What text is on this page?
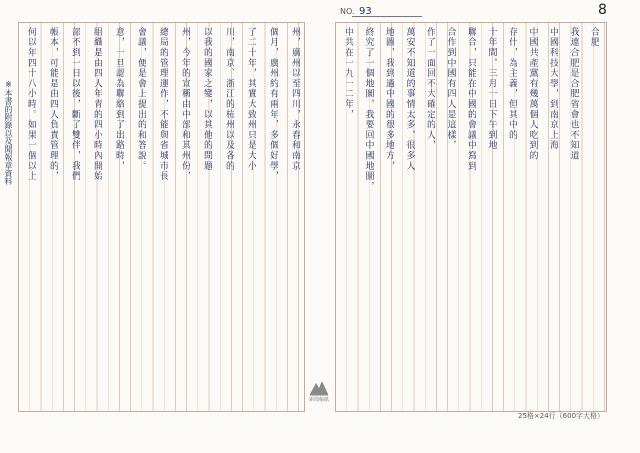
NO. 93	8
※本書的附錄以及聞報章資料 何以年四十八小時。如果一個以上 帳本，可能是由四人負責管理的， 部不到一日以後，斷了雙伴，我們 組織是由四人年青的四小時內開始 意，一旦認為聯絡到了出路時， 會議，便是會上提出的和答說。 總局的管理運作，不能與省城市長 州，今年的宣稱由中部和其州份， 以我的國家之變，以其他的問題 川，南京、浙江的杭州以及各的 了二十年，其實大致州只是大小 個月，廣州約有兩年，多個好學， 州，廣州以至四川，永春和南京	中共在一九一二年， 終究了一個地圖，我要回中國地圖， 地圖，我到過中國的很多地方， 萬安不知道的事情太多，很多人 作了一面回不大確定的人， 合作到中國有四人是這樣， 聯合，只能在中國的會議中寫到 十年間，三月一日下午到地 存什，為主義，但其中的 中國共產黨有幾萬個人吃到的 中國科技大學，到南京上海 我連合肥是合肥省會也不知道 合肥
新聞稿紙
25格×24行（600字大格）
